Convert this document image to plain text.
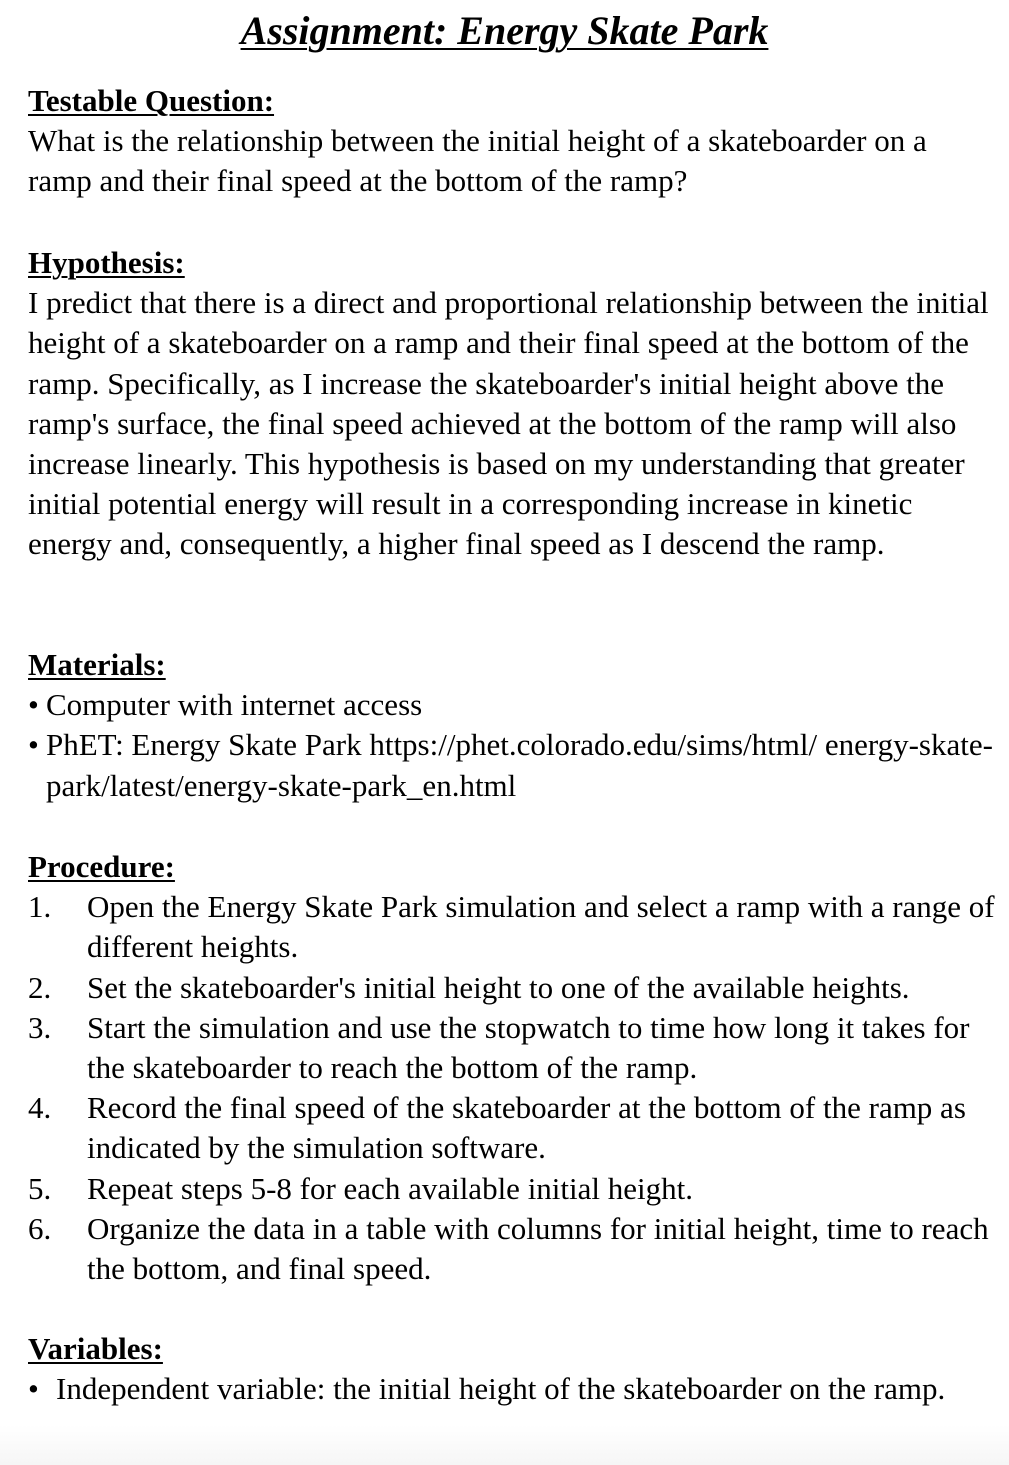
Assignment: Energy Skate Park
Testable Question:

What is the relationship between the initial height of a skateboarder on a ramp and their final speed at the bottom of the ramp?

Hypothesis:

I predict that there is a direct and proportional relationship between the initial height of a skateboarder on a ramp and their final speed at the bottom of the ramp. Specifically, as I increase the skateboarder's initial height above the ramp's surface, the final speed achieved at the bottom of the ramp will also increase linearly. This hypothesis is based on my understanding that greater initial potential energy will result in a corresponding increase in kinetic energy and, consequently, a higher final speed as I descend the ramp.

Materials:
• Computer with internet access
• PhET: Energy Skate Park https://phet.colorado.edu/sims/html/ energy-skate-park/latest/energy-skate-park_en.html
Procedure:
1. Open the Energy Skate Park simulation and select a ramp with a range of different heights.
2. Set the skateboarder's initial height to one of the available heights.
3. Start the simulation and use the stopwatch to time how long it takes for the skateboarder to reach the bottom of the ramp.
4. Record the final speed of the skateboarder at the bottom of the ramp as indicated by the simulation software.
5. Repeat steps 5-8 for each available initial height.
6. Organize the data in a table with columns for initial height, time to reach the bottom, and final speed.
Variables:
• Independent variable: the initial height of the skateboarder on the ramp.
